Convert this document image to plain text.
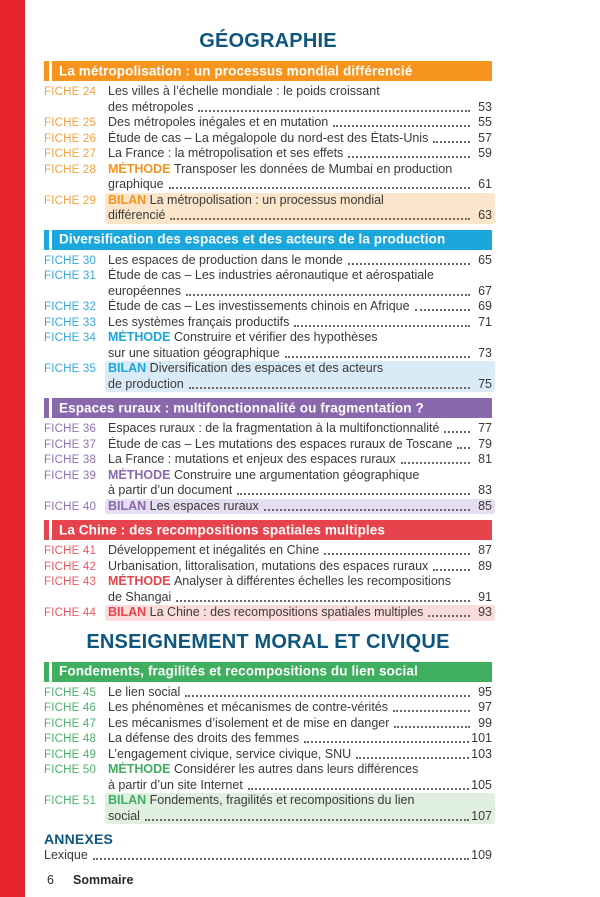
GÉOGRAPHIE
La métropolisation : un processus mondial différencié
FICHE 24 Les villes à l’échelle mondiale : le poids croissant
des métropoles	53
FICHE 25 Des métropoles inégales et en mutation	55
FICHE 26 Étude de cas – La mégalopole du nord-est des États-Unis	57
FICHE 27 La France : la métropolisation et ses effets	59
FICHE 28 MÉTHODE Transposer les données de Mumbai en production
graphique	61
FICHE 29 BILAN La métropolisation : un processus mondial
différencié	63
Diversification des espaces et des acteurs de la production
FICHE 30 Les espaces de production dans le monde	65
FICHE 31 Étude de cas – Les industries aéronautique et aérospatiale
européennes	67
FICHE 32 Étude de cas – Les investissements chinois en Afrique	69
FICHE 33 Les systèmes français productifs	71
FICHE 34 MÉTHODE Construire et vérifier des hypothèses
sur une situation géographique	73
FICHE 35 BILAN Diversification des espaces et des acteurs
de production	75
Espaces ruraux : multifonctionnalité ou fragmentation ?
FICHE 36 Espaces ruraux : de la fragmentation à la multifonctionnalité	77
FICHE 37 Étude de cas – Les mutations des espaces ruraux de Toscane	79
FICHE 38 La France : mutations et enjeux des espaces ruraux	81
FICHE 39 MÉTHODE Construire une argumentation géographique
à partir d’un document	83
FICHE 40 BILAN Les espaces ruraux	85
La Chine : des recompositions spatiales multiples
FICHE 41 Développement et inégalités en Chine	87
FICHE 42 Urbanisation, littoralisation, mutations des espaces ruraux	89
FICHE 43 MÉTHODE Analyser à différentes échelles les recompositions
de Shangai	91
FICHE 44 BILAN La Chine : des recompositions spatiales multiples	93
ENSEIGNEMENT MORAL ET CIVIQUE
Fondements, fragilités et recompositions du lien social
FICHE 45 Le lien social	95
FICHE 46 Les phénomènes et mécanismes de contre-vérités	97
FICHE 47 Les mécanismes d’isolement et de mise en danger	99
FICHE 48 La défense des droits des femmes	101
FICHE 49 L’engagement civique, service civique, SNU	103
FICHE 50 MÉTHODE Considérer les autres dans leurs différences
à partir d’un site Internet	105
FICHE 51 BILAN Fondements, fragilités et recompositions du lien
social	107
ANNEXES
Lexique	109
6	Sommaire
